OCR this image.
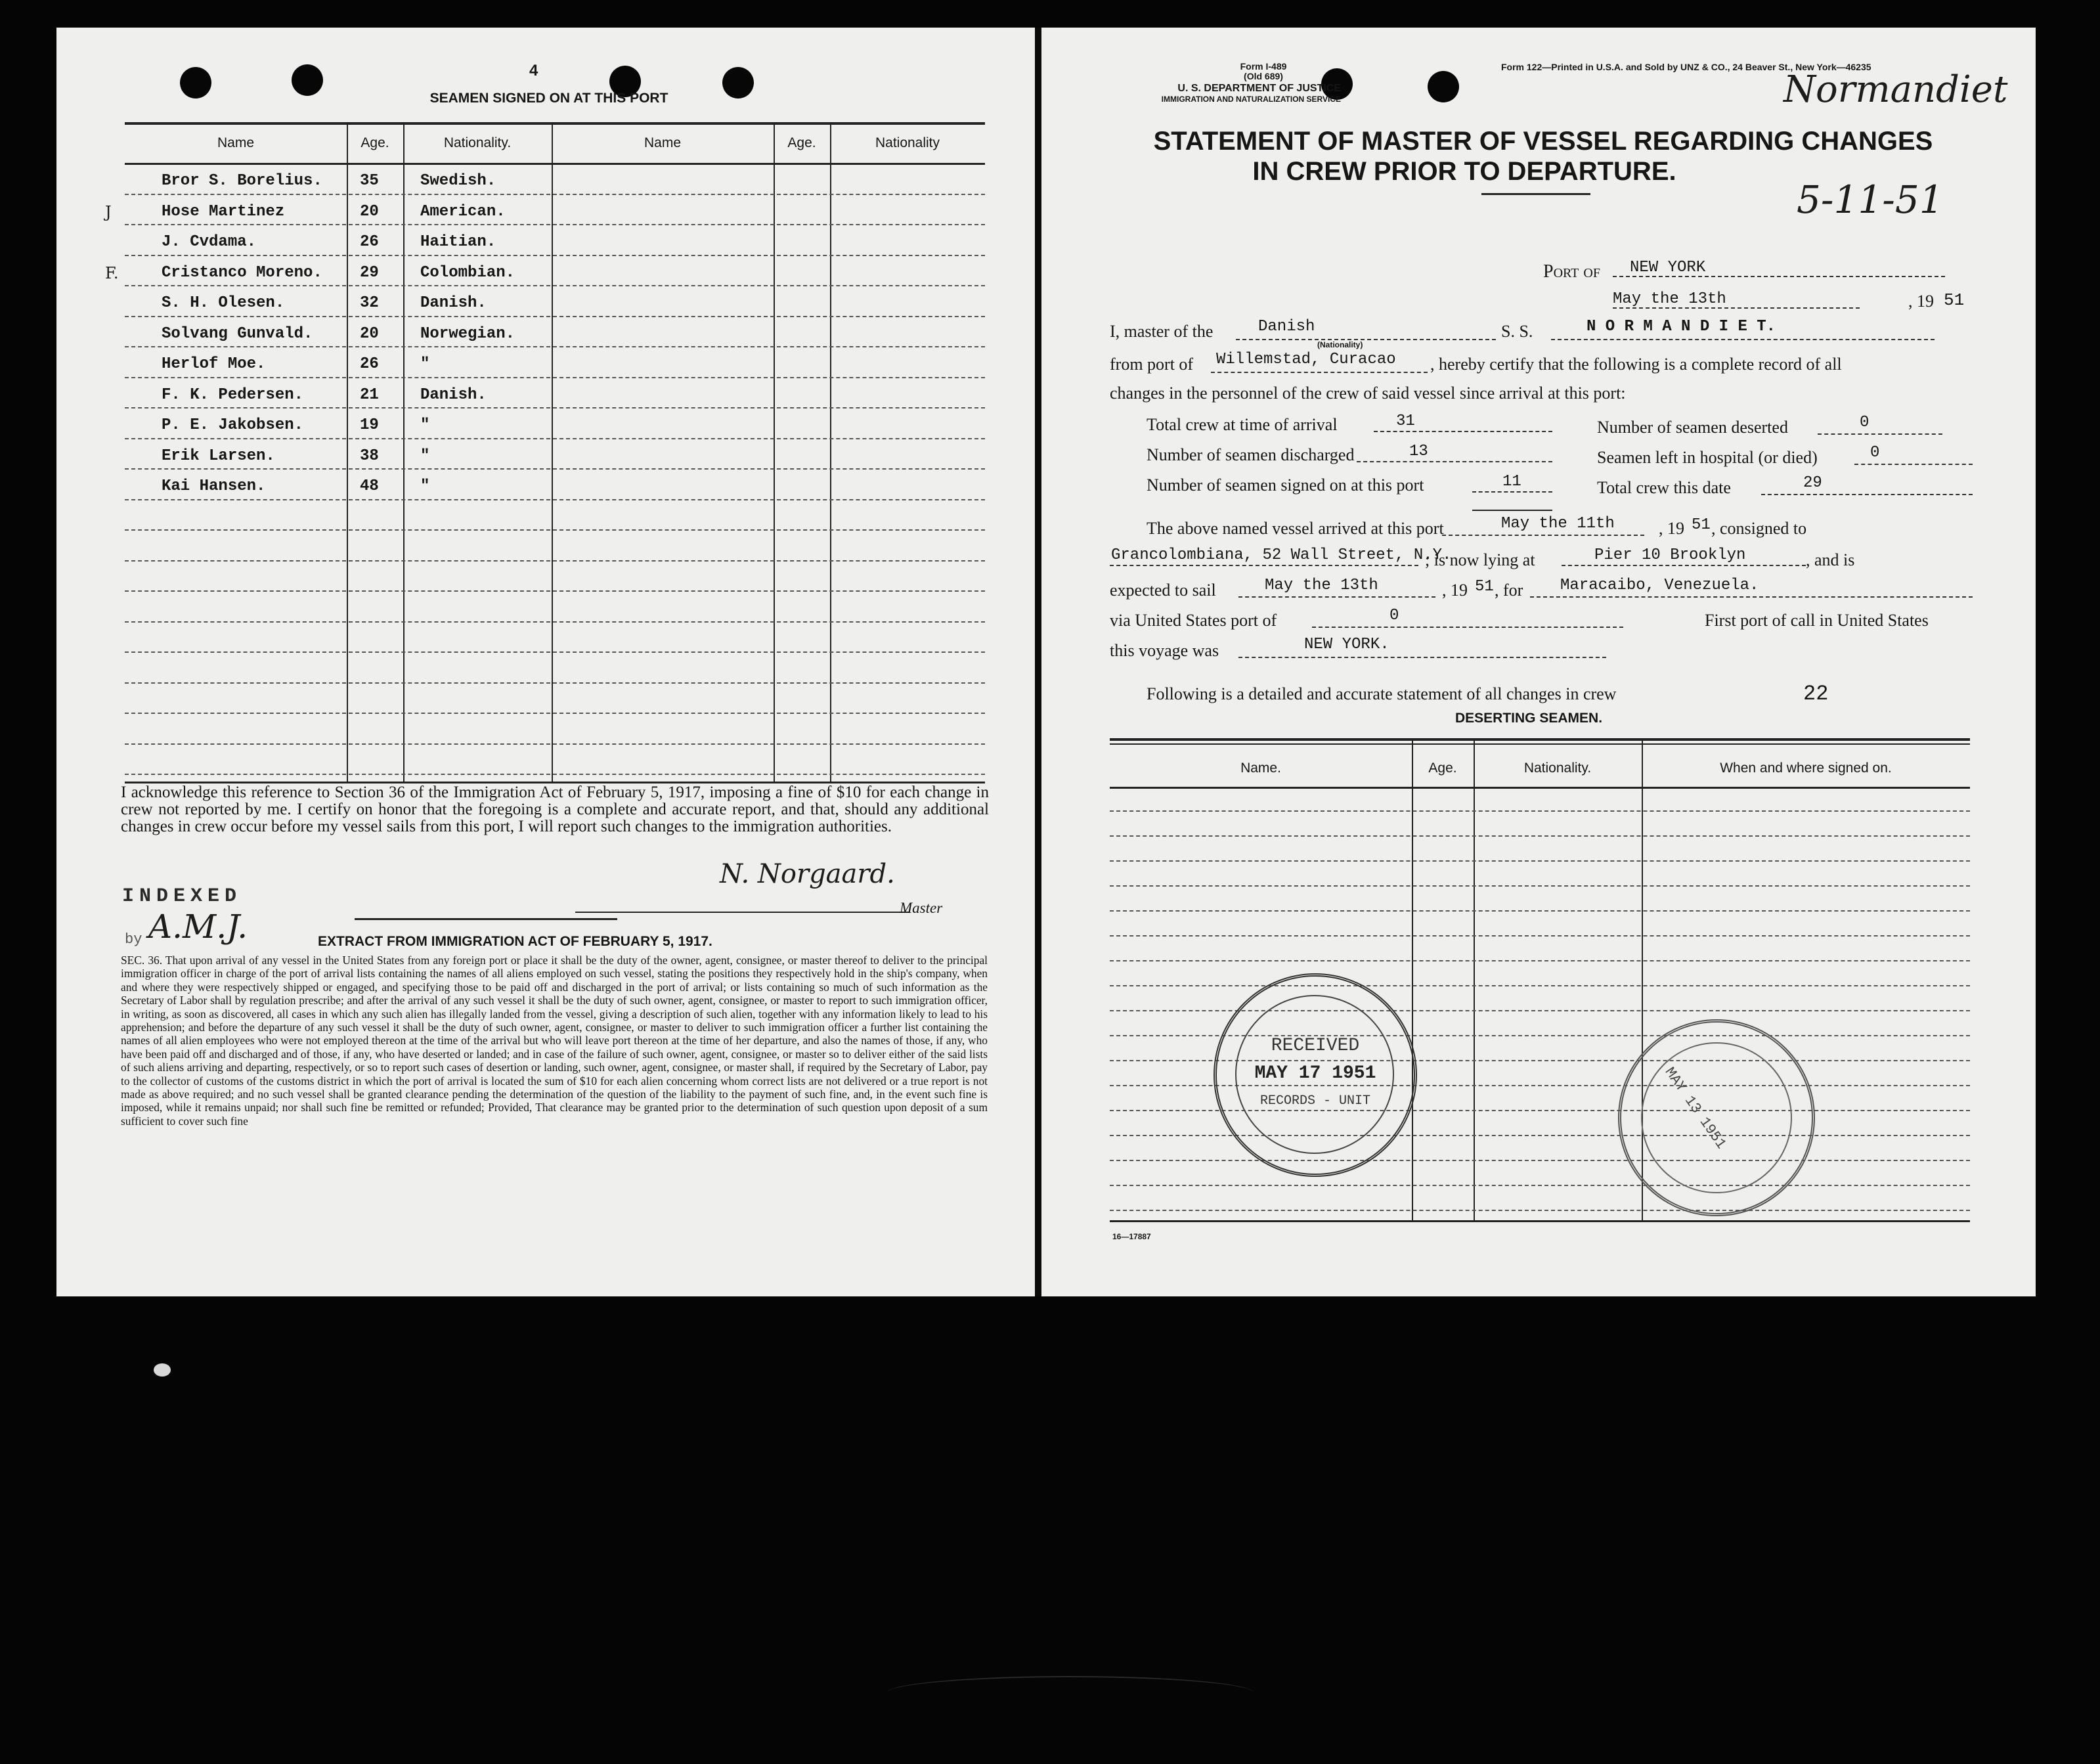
4
SEAMEN SIGNED ON AT THIS PORT
Name	Age.	Nationality.	Name	Age.	Nationality
Bror S. Borelius. 35	Swedish.
J	Hose Martinez	20	American.
J. Cvdama.	26	Haitian.
F.	Cristanco Moreno. 29	Colombian.
S. H. Olesen.	32	Danish.
Solvang Gunvald.	20	Norwegian.
Herlof Moe.	26	"
F. K. Pedersen.	21	Danish.
P. E. Jakobsen.	19	"
Erik Larsen.	38	"
Kai Hansen.	48	"
I acknowledge this reference to Section 36 of the Immigration Act of February 5, 1917, imposing a fine of $10 for each change in crew not reported by me. I certify on honor that the foregoing is a complete and accurate report, and that, should any additional changes in crew occur before my vessel sails from this port, I will report such changes to the immigration authorities.
INDEXED
by A.M.J.
N. Norgaard.
Master
EXTRACT FROM IMMIGRATION ACT OF FEBRUARY 5, 1917.
SEC. 36. That upon arrival of any vessel in the United States from any foreign port or place it shall be the duty of the owner, agent, consignee, or master thereof to deliver to the principal immigration officer in charge of the port of arrival lists containing the names of all aliens employed on such vessel, stating the positions they respectively hold in the ship's company, when and where they were respectively shipped or engaged, and specifying those to be paid off and discharged in the port of arrival; or lists containing so much of such information as the Secretary of Labor shall by regulation prescribe; and after the arrival of any such vessel it shall be the duty of such owner, agent, consignee, or master to report to such immigration officer, in writing, as soon as discovered, all cases in which any such alien has illegally landed from the vessel, giving a description of such alien, together with any information likely to lead to his apprehension; and before the departure of any such vessel it shall be the duty of such owner, agent, consignee, or master to deliver to such immigration officer a further list containing the names of all alien employees who were not employed thereon at the time of the arrival but who will leave port thereon at the time of her departure, and also the names of those, if any, who have been paid off and discharged and of those, if any, who have deserted or landed; and in case of the failure of such owner, agent, consignee, or master so to deliver either of the said lists of such aliens arriving and departing, respectively, or so to report such cases of desertion or landing, such owner, agent, consignee, or master shall, if required by the Secretary of Labor, pay to the collector of customs of the customs district in which the port of arrival is located the sum of $10 for each alien concerning whom correct lists are not delivered or a true report is not made as above required; and no such vessel shall be granted clearance pending the determination of the question of the liability to the payment of such fine, and, in the event such fine is imposed, while it remains unpaid; nor shall such fine be remitted or refunded; Provided, That clearance may be granted prior to the determination of such question upon deposit of a sum sufficient to cover such fine
Form I-489
(Old 689)
U. S. DEPARTMENT OF JUSTICE
IMMIGRATION AND NATURALIZATION SERVICE
Form 122—Printed in U.S.A. and Sold by UNZ & CO., 24 Beaver St., New York—46235
Normandiet
5-11-51
STATEMENT OF MASTER OF VESSEL REGARDING CHANGES
IN CREW PRIOR TO DEPARTURE.
Port of NEW YORK
May the 13th	, 19 51
I, master of the	Danish
(Nationality)
S. S.	N O R M A N D I E T.
from port of Willemstad, Curacao , hereby certify that the following is a complete record of all
changes in the personnel of the crew of said vessel since arrival at this port:
Total crew at time of arrival	31
Number of seamen discharged	13
Number of seamen signed on at this port	11
Number of seamen deserted	0
Seamen left in hospital (or died)	0
Total crew this date	29
The above named vessel arrived at this port	May the 11th	, 19 51 , consigned to
Grancolombiana, 52 Wall Street, N.Y.
; is now lying at	Pier 10 Brooklyn	, and is
expected to sail	May the 13th	, 19 51 , for Maracaibo, Venezuela.
via United States port of	0	First port of call in United States
this voyage was	NEW YORK.
Following is a detailed and accurate statement of all changes in crew	22
DESERTING SEAMEN.
Name.	Age.	Nationality.	When and where signed on.
RECEIVED
MAY 17 1951
RECORDS - UNIT	MAY 13 1951
16—17887
